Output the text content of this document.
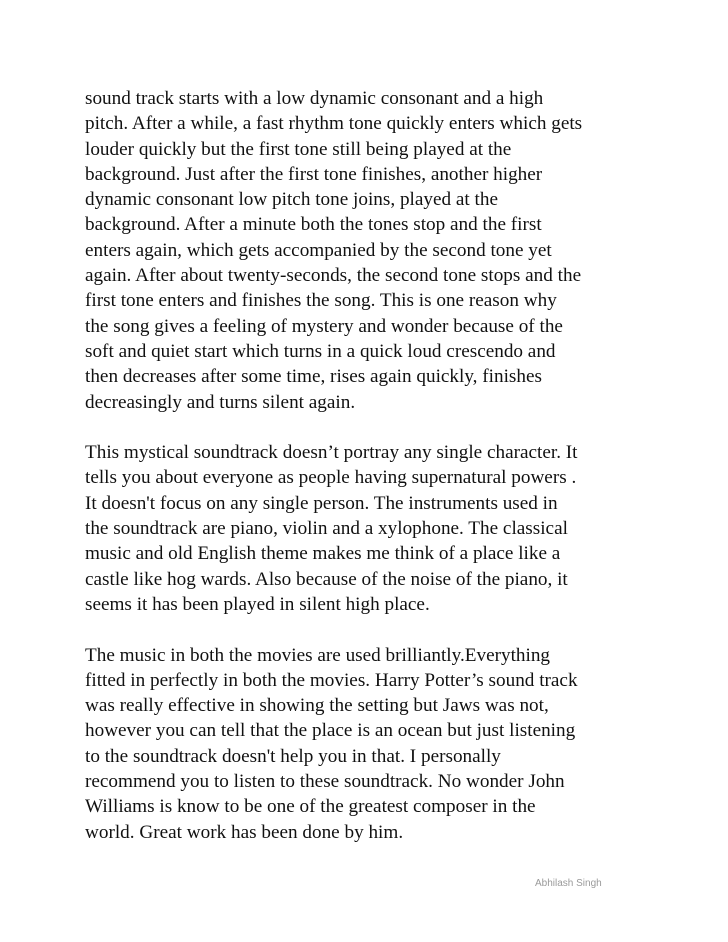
sound track starts with a low dynamic consonant and a high
pitch. After a while, a fast rhythm tone quickly enters which gets
louder quickly but the first tone still being played at the
background. Just after the first tone finishes, another higher
dynamic consonant low pitch tone joins, played at the
background. After a minute both the tones stop and the first
enters again, which gets accompanied by the second tone yet
again. After about twenty-seconds, the second tone stops and the
first tone enters and finishes the song. This is one reason why
the song gives a feeling of mystery and wonder because of the
soft and quiet start which turns in a quick loud crescendo and
then decreases after some time, rises again quickly, finishes
decreasingly and turns silent again.

This mystical soundtrack doesn’t portray any single character. It
tells you about everyone as people having supernatural powers .
It doesn't focus on any single person. The instruments used in
the soundtrack are piano, violin and a xylophone. The classical
music and old English theme makes me think of a place like a
castle like hog wards. Also because of the noise of the piano, it
seems it has been played in silent high place.

The music in both the movies are used brilliantly.Everything
fitted in perfectly in both the movies. Harry Potter’s sound track
was really effective in showing the setting but Jaws was not,
however you can tell that the place is an ocean but just listening
to the soundtrack doesn't help you in that. I personally
recommend you to listen to these soundtrack. No wonder John
Williams is know to be one of the greatest composer in the
world. Great work has been done by him.

Abhilash Singh
